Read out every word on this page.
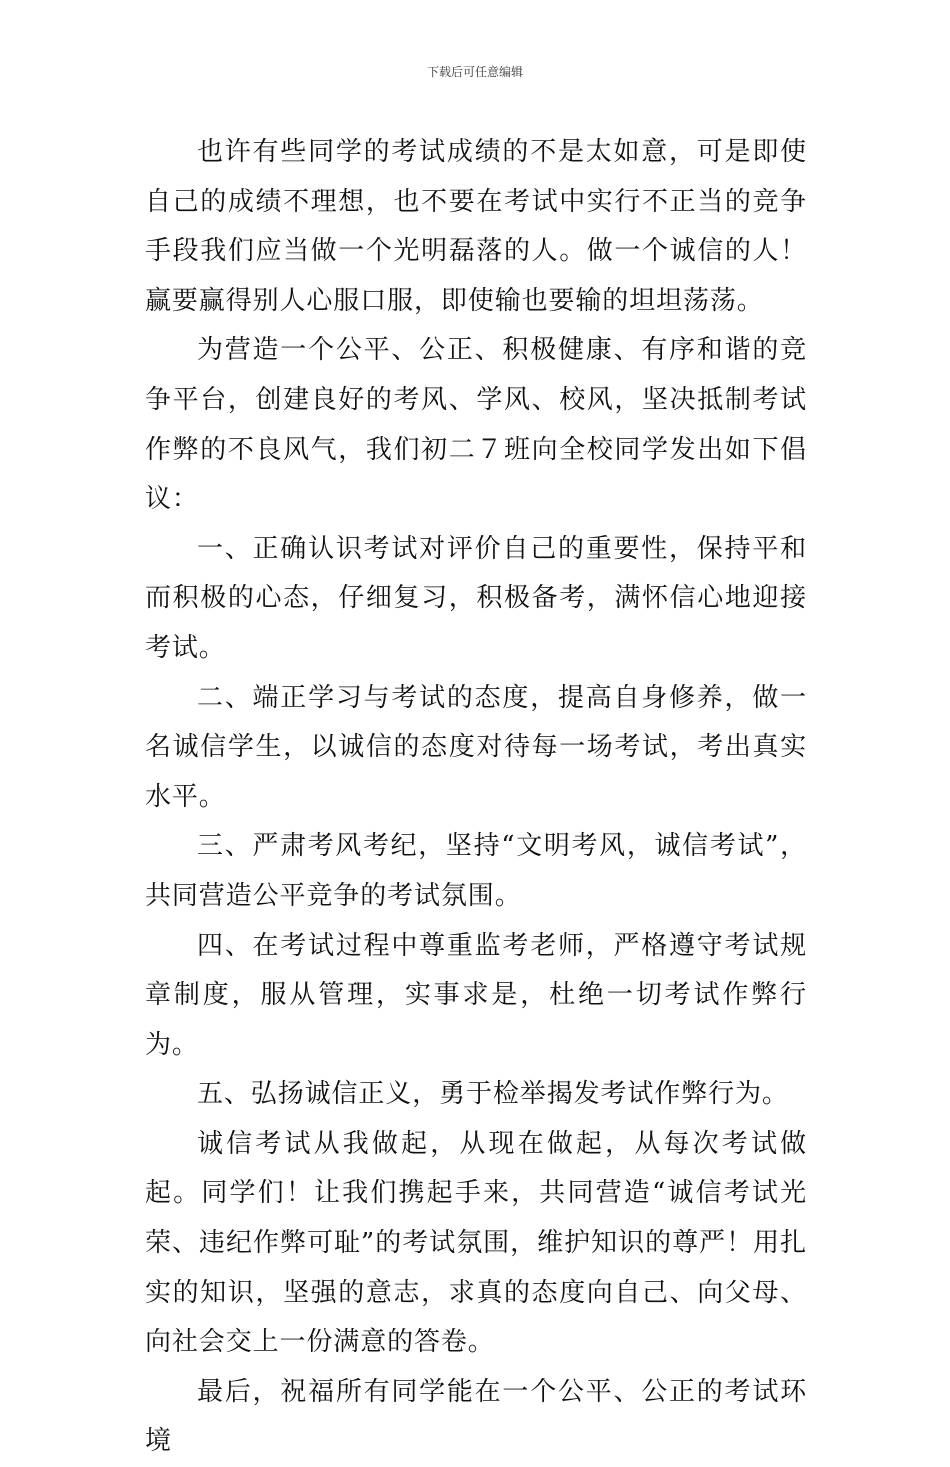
下载后可任意编辑

也许有些同学的考试成绩的不是太如意，可是即使自己的成绩不理想，也不要在考试中实行不正当的竞争手段我们应当做一个光明磊落的人。做一个诚信的人！赢要赢得别人心服口服，即使输也要输的坦坦荡荡。

为营造一个公平、公正、积极健康、有序和谐的竞争平台，创建良好的考风、学风、校风，坚决抵制考试作弊的不良风气，我们初二７班向全校同学发出如下倡议：

一、正确认识考试对评价自己的重要性，保持平和而积极的心态，仔细复习，积极备考，满怀信心地迎接考试。

二、端正学习与考试的态度，提高自身修养，做一名诚信学生，以诚信的态度对待每一场考试，考出真实水平。

三、严肃考风考纪，坚持“文明考风，诚信考试”，共同营造公平竞争的考试氛围。

四、在考试过程中尊重监考老师，严格遵守考试规章制度，服从管理，实事求是，杜绝一切考试作弊行为。

五、弘扬诚信正义，勇于检举揭发考试作弊行为。

诚信考试从我做起，从现在做起，从每次考试做起。同学们！让我们携起手来，共同营造“诚信考试光荣、违纪作弊可耻”的考试氛围，维护知识的尊严！用扎实的知识，坚强的意志，求真的态度向自己、向父母、向社会交上一份满意的答卷。

最后，祝福所有同学能在一个公平、公正的考试环境
